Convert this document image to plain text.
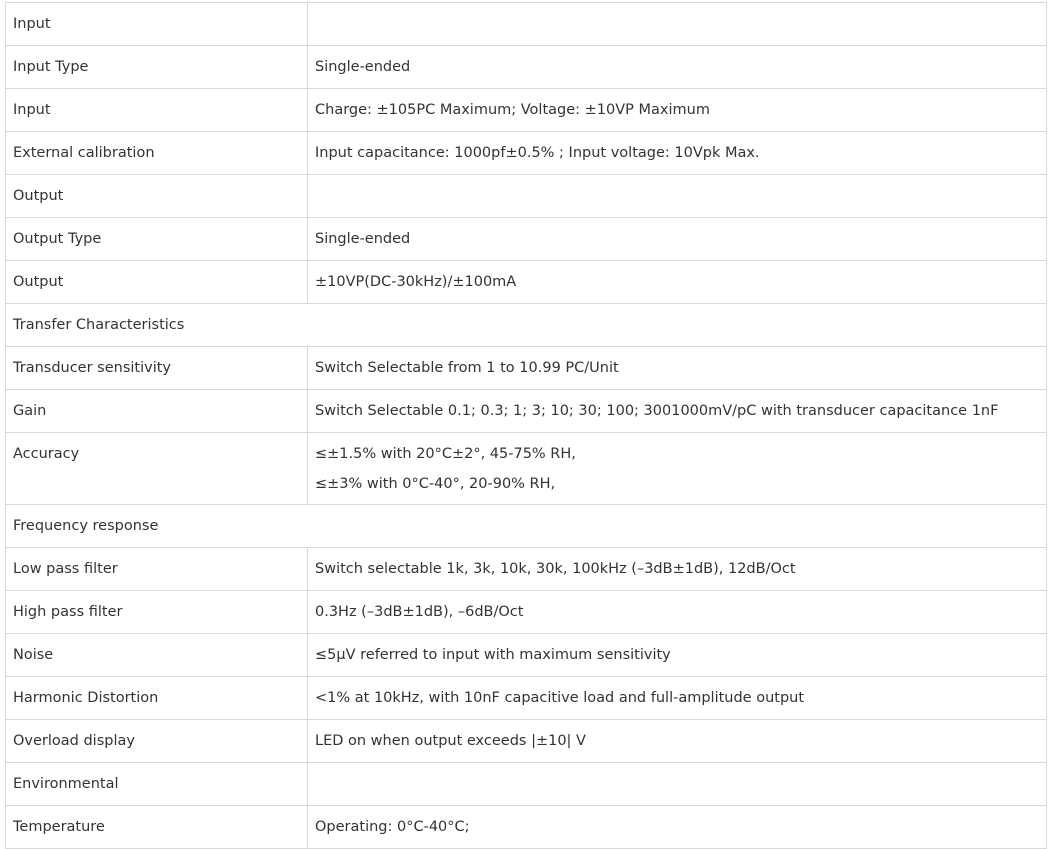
Input	

Input Type	Single-ended

Input	Charge: ±105PC Maximum; Voltage: ±10VP Maximum

External calibration	Input capacitance: 1000pf±0.5% ; Input voltage: 10Vpk Max.

Output	

Output Type	Single-ended

Output	±10VP(DC-30kHz)/±100mA

Transfer Characteristics	
Transducer sensitivity	Switch Selectable from 1 to 10.99 PC/Unit

Gain	Switch Selectable 0.1; 0.3; 1; 3; 10; 30; 100; 3001000mV/pC with transducer capacitance 1nF

Accuracy	≤±1.5% with 20°C±2°, 45-75% RH,
≤±3% with 0°C-40°, 20-90% RH,

Frequency response	
Low pass filter	Switch selectable 1k, 3k, 10k, 30k, 100kHz (–3dB±1dB), 12dB/Oct

High pass filter	0.3Hz (–3dB±1dB), –6dB/Oct

Noise	≤5μV referred to input with maximum sensitivity

Harmonic Distortion	<1% at 10kHz, with 10nF capacitive load and full-amplitude output

Overload display	LED on when output exceeds |±10| V

Environmental	

Temperature	Operating: 0°C-40°C;
